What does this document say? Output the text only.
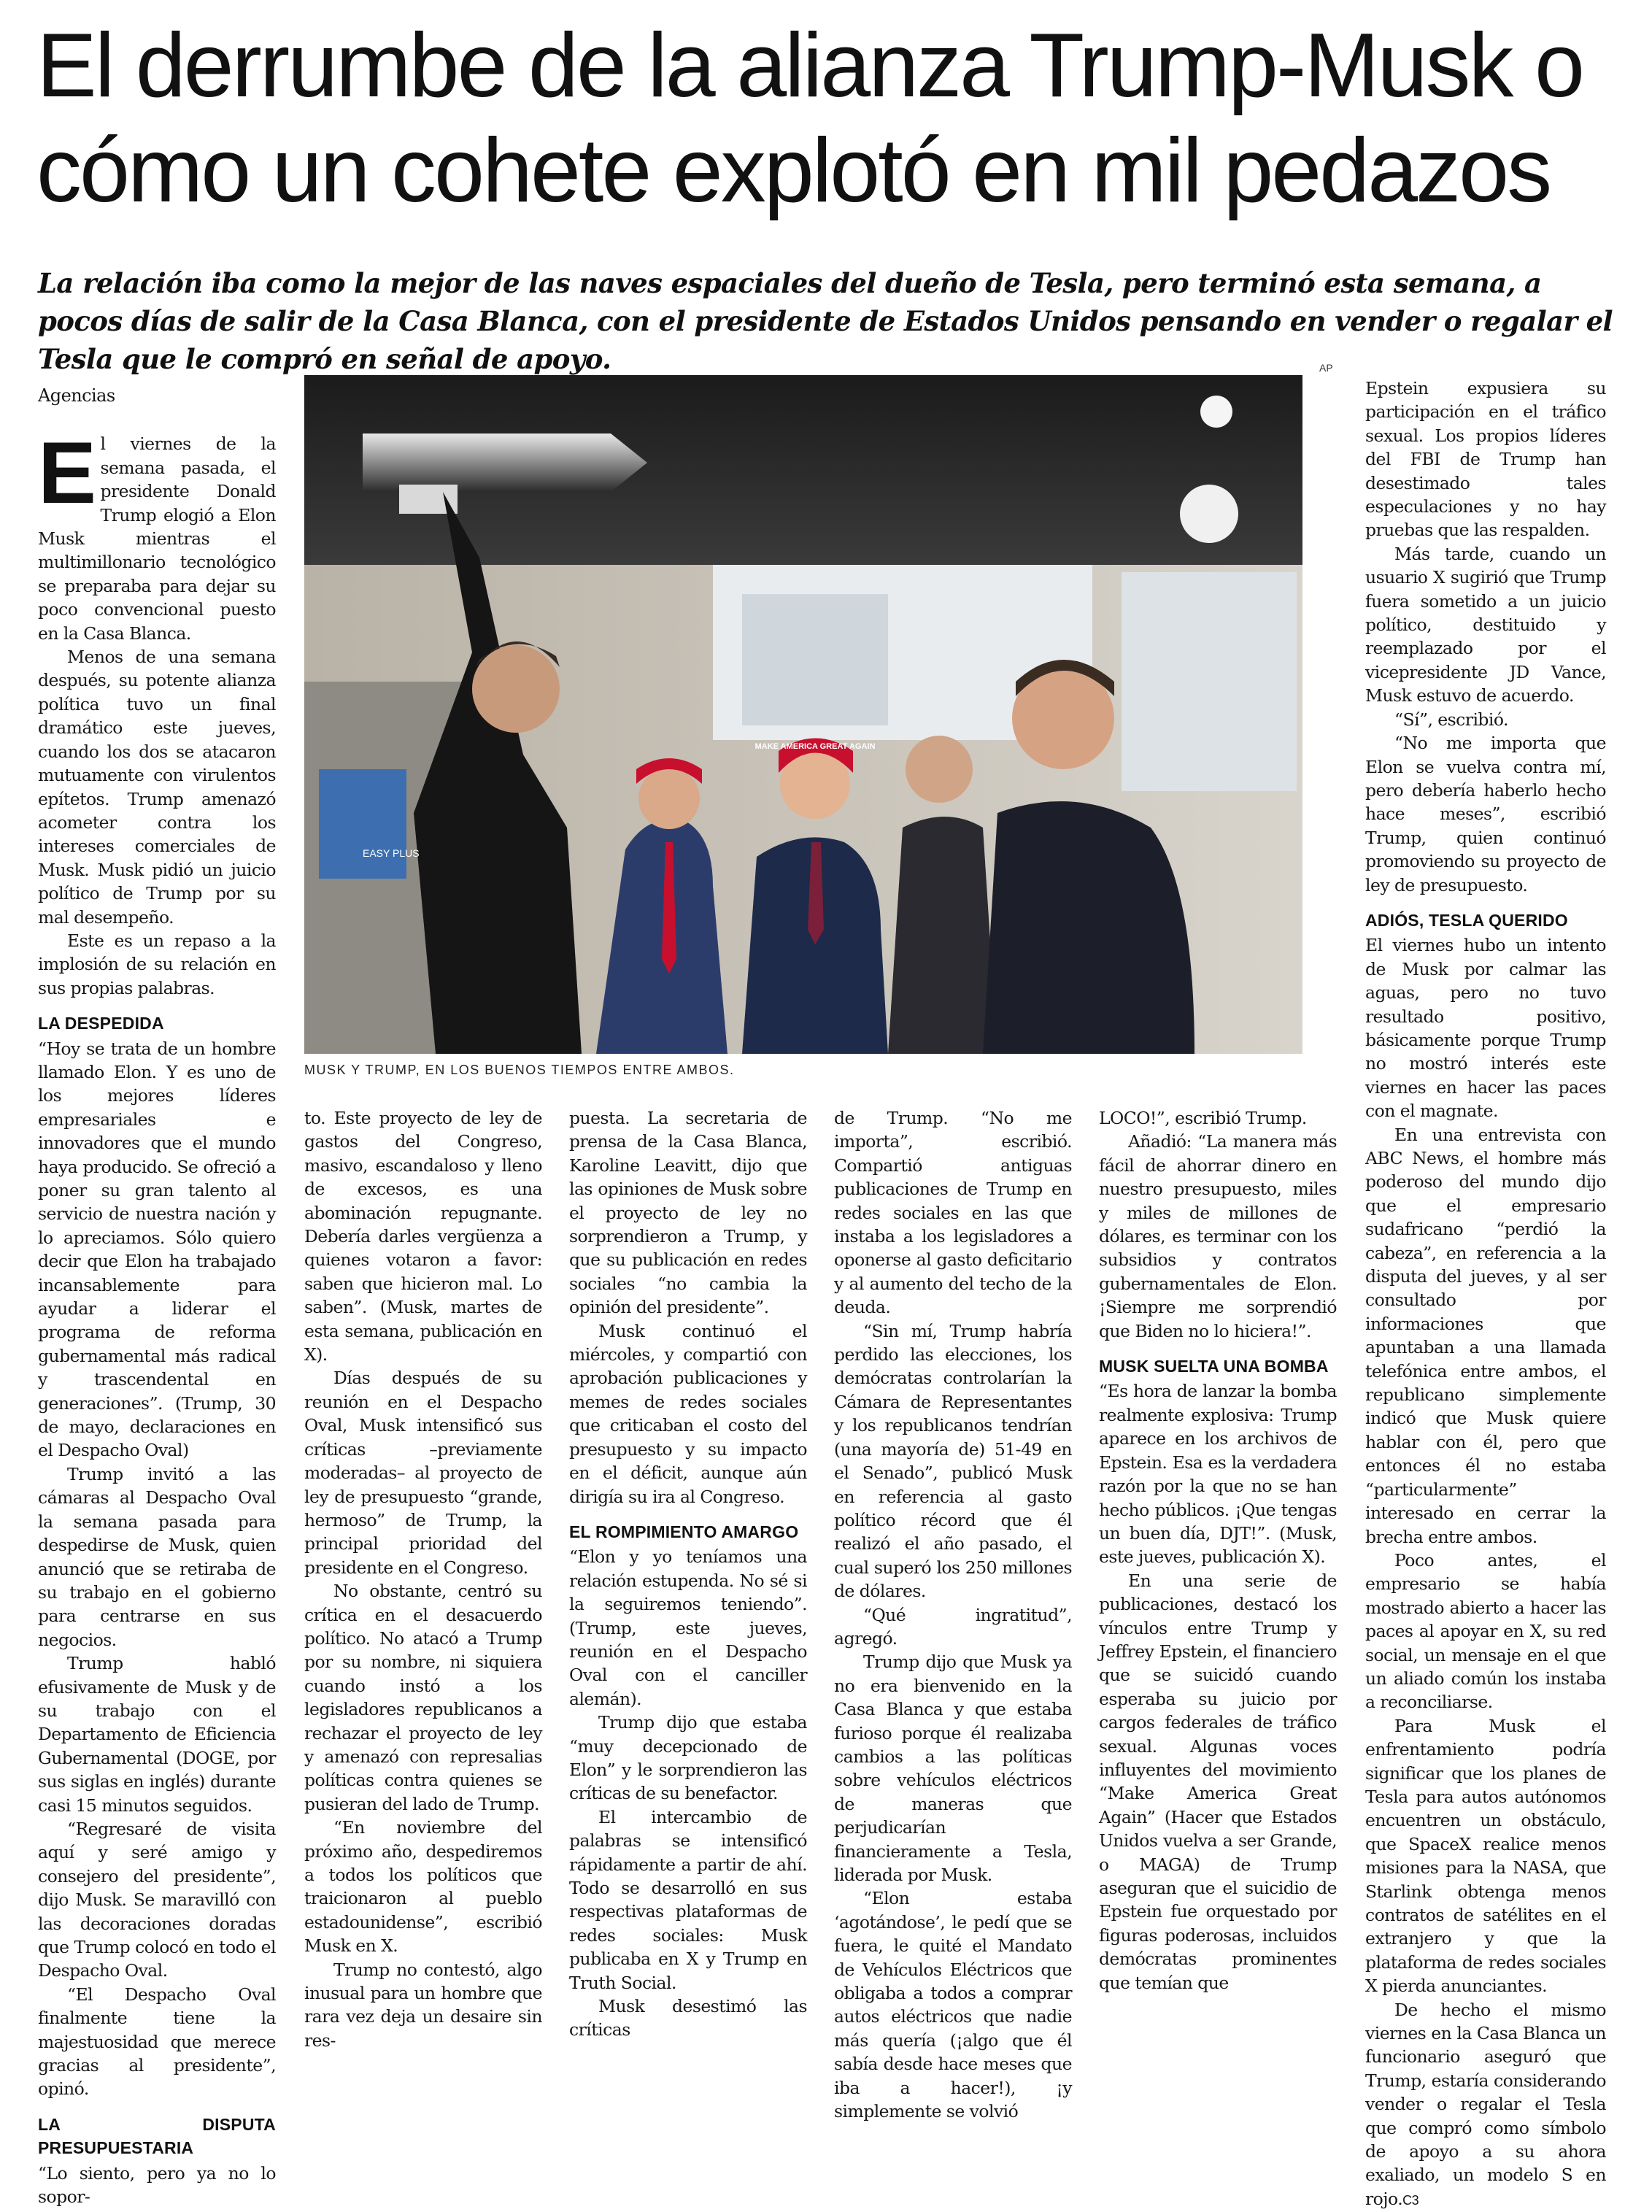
El derrumbe de la alianza Trump-Musk o cómo un cohete explotó en mil pedazos

La relación iba como la mejor de las naves espaciales del dueño de Tesla, pero terminó esta semana, a pocos días de salir de la Casa Blanca, con el presidente de Estados Unidos pensando en vender o regalar el Tesla que le compró en señal de apoyo.

Agencias

El viernes de la semana pasada, el presidente Donald Trump elogió a Elon Musk mientras el multimillonario tecnológico se preparaba para dejar su poco convencional puesto en la Casa Blanca.

Menos de una semana después, su potente alianza política tuvo un final dramático este jueves, cuando los dos se atacaron mutuamente con virulentos epítetos. Trump amenazó acometer contra los intereses comerciales de Musk. Musk pidió un juicio político de Trump por su mal desempeño.

Este es un repaso a la implosión de su relación en sus propias palabras.

LA DESPEDIDA

“Hoy se trata de un hombre llamado Elon. Y es uno de los mejores líderes empresariales e innovadores que el mundo haya producido. Se ofreció a poner su gran talento al servicio de nuestra nación y lo apreciamos. Sólo quiero decir que Elon ha trabajado incansablemente para ayudar a liderar el programa de reforma gubernamental más radical y trascendental en generaciones”. (Trump, 30 de mayo, declaraciones en el Despacho Oval)

Trump invitó a las cámaras al Despacho Oval la semana pasada para despedirse de Musk, quien anunció que se retiraba de su trabajo en el gobierno para centrarse en sus negocios.

Trump habló efusivamente de Musk y de su trabajo con el Departamento de Eficiencia Gubernamental (DOGE, por sus siglas en inglés) durante casi 15 minutos seguidos.

“Regresaré de visita aquí y seré amigo y consejero del presidente”, dijo Musk. Se maravilló con las decoraciones doradas que Trump colocó en todo el Despacho Oval.

“El Despacho Oval finalmente tiene la majestuosidad que merece gracias al presidente”, opinó.

LA DISPUTA PRESUPUESTARIA

“Lo siento, pero ya no lo sopor-

AP
MAKE AMERICA GREAT AGAIN
EASY PLUS
MUSK Y TRUMP, EN LOS BUENOS TIEMPOS ENTRE AMBOS.

to. Este proyecto de ley de gastos del Congreso, masivo, escandaloso y lleno de excesos, es una abominación repugnante. Debería darles vergüenza a quienes votaron a favor: saben que hicieron mal. Lo saben”. (Musk, martes de esta semana, publicación en X).

Días después de su reunión en el Despacho Oval, Musk intensificó sus críticas –previamente moderadas– al proyecto de ley de presupuesto “grande, hermoso” de Trump, la principal prioridad del presidente en el Congreso.

No obstante, centró su crítica en el desacuerdo político. No atacó a Trump por su nombre, ni siquiera cuando instó a los legisladores republicanos a rechazar el proyecto de ley y amenazó con represalias políticas contra quienes se pusieran del lado de Trump.

“En noviembre del próximo año, despediremos a todos los políticos que traicionaron al pueblo estadounidense”, escribió Musk en X.

Trump no contestó, algo inusual para un hombre que rara vez deja un desaire sin res-

puesta. La secretaria de prensa de la Casa Blanca, Karoline Leavitt, dijo que las opiniones de Musk sobre el proyecto de ley no sorprendieron a Trump, y que su publicación en redes sociales “no cambia la opinión del presidente”.

Musk continuó el miércoles, y compartió con aprobación publicaciones y memes de redes sociales que criticaban el costo del presupuesto y su impacto en el déficit, aunque aún dirigía su ira al Congreso.

EL ROMPIMIENTO AMARGO

“Elon y yo teníamos una relación estupenda. No sé si la seguiremos teniendo”. (Trump, este jueves, reunión en el Despacho Oval con el canciller alemán).

Trump dijo que estaba “muy decepcionado de Elon” y le sorprendieron las críticas de su benefactor.

El intercambio de palabras se intensificó rápidamente a partir de ahí. Todo se desarrolló en sus respectivas plataformas de redes sociales: Musk publicaba en X y Trump en Truth Social.

Musk desestimó las críticas

de Trump. “No me importa”, escribió. Compartió antiguas publicaciones de Trump en redes sociales en las que instaba a los legisladores a oponerse al gasto deficitario y al aumento del techo de la deuda.

“Sin mí, Trump habría perdido las elecciones, los demócratas controlarían la Cámara de Representantes y los republicanos tendrían (una mayoría de) 51-49 en el Senado”, publicó Musk en referencia al gasto político récord que él realizó el año pasado, el cual superó los 250 millones de dólares.

“Qué ingratitud”, agregó.

Trump dijo que Musk ya no era bienvenido en la Casa Blanca y que estaba furioso porque él realizaba cambios a las políticas sobre vehículos eléctricos de maneras que perjudicarían financieramente a Tesla, liderada por Musk.

“Elon estaba ‘agotándose’, le pedí que se fuera, le quité el Mandato de Vehículos Eléctricos que obligaba a todos a comprar autos eléctricos que nadie más quería (¡algo que él sabía desde hace meses que iba a hacer!), ¡y simplemente se volvió

LOCO!”, escribió Trump.

Añadió: “La manera más fácil de ahorrar dinero en nuestro presupuesto, miles y miles de millones de dólares, es terminar con los subsidios y contratos gubernamentales de Elon. ¡Siempre me sorprendió que Biden no lo hiciera!”.

MUSK SUELTA UNA BOMBA

“Es hora de lanzar la bomba realmente explosiva: Trump aparece en los archivos de Epstein. Esa es la verdadera razón por la que no se han hecho públicos. ¡Que tengas un buen día, DJT!”. (Musk, este jueves, publicación X).

En una serie de publicaciones, destacó los vínculos entre Trump y Jeffrey Epstein, el financiero que se suicidó cuando esperaba su juicio por cargos federales de tráfico sexual. Algunas voces influyentes del movimiento “Make America Great Again” (Hacer que Estados Unidos vuelva a ser Grande, o MAGA) de Trump aseguran que el suicidio de Epstein fue orquestado por figuras poderosas, incluidos demócratas prominentes que temían que

Epstein expusiera su participación en el tráfico sexual. Los propios líderes del FBI de Trump han desestimado tales especulaciones y no hay pruebas que las respalden.

Más tarde, cuando un usuario X sugirió que Trump fuera sometido a un juicio político, destituido y reemplazado por el vicepresidente JD Vance, Musk estuvo de acuerdo.

“Sí”, escribió.

“No me importa que Elon se vuelva contra mí, pero debería haberlo hecho hace meses”, escribió Trump, quien continuó promoviendo su proyecto de ley de presupuesto.

ADIÓS, TESLA QUERIDO

El viernes hubo un intento de Musk por calmar las aguas, pero no tuvo resultado positivo, básicamente porque Trump no mostró interés este viernes en hacer las paces con el magnate.

En una entrevista con ABC News, el hombre más poderoso del mundo dijo que el empresario sudafricano “perdió la cabeza”, en referencia a la disputa del jueves, y al ser consultado por informaciones que apuntaban a una llamada telefónica entre ambos, el republicano simplemente indicó que Musk quiere hablar con él, pero que entonces él no estaba “particularmente” interesado en cerrar la brecha entre ambos.

Poco antes, el empresario se había mostrado abierto a hacer las paces al apoyar en X, su red social, un mensaje en el que un aliado común los instaba a reconciliarse.

Para Musk el enfrentamiento podría significar que los planes de Tesla para autos autónomos encuentren un obstáculo, que SpaceX realice menos misiones para la NASA, que Starlink obtenga menos contratos de satélites en el extranjero y que la plataforma de redes sociales X pierda anunciantes.

De hecho el mismo viernes en la Casa Blanca un funcionario aseguró que Trump, estaría considerando vender o regalar el Tesla que compró como símbolo de apoyo a su ahora exaliado, un modelo S en rojo.C3
